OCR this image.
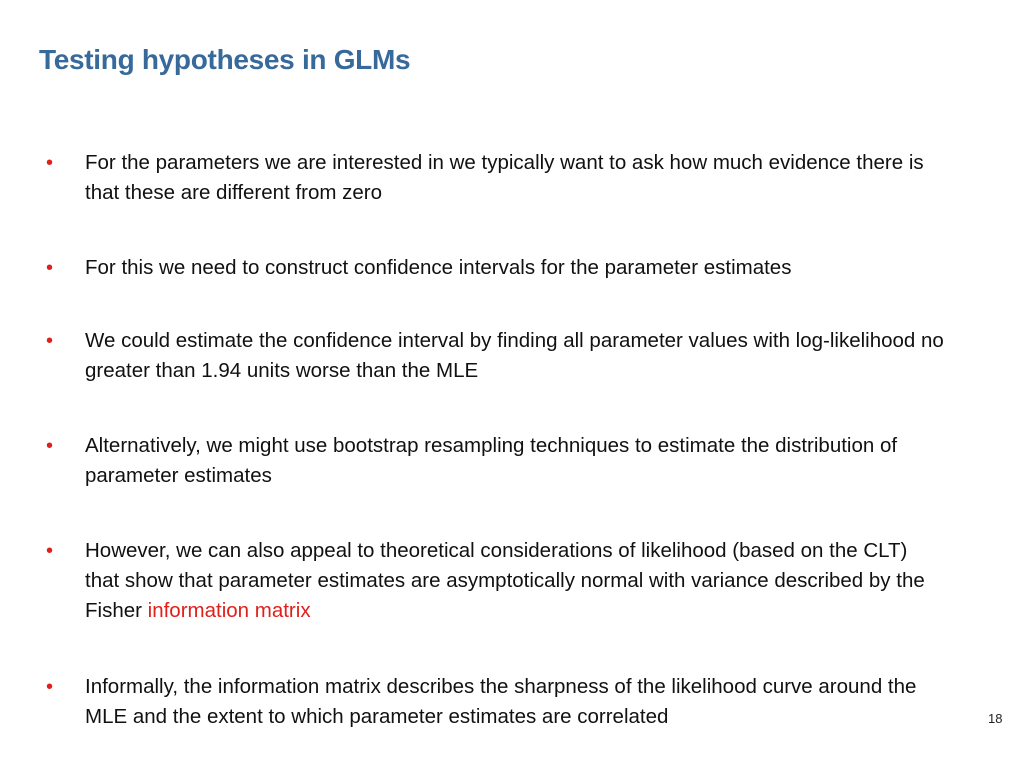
Testing hypotheses in GLMs
•	For the parameters we are interested in we typically want to ask how much evidence there is that these are different from zero
•	For this we need to construct confidence intervals for the parameter estimates
•	We could estimate the confidence interval by finding all parameter values with log-likelihood no greater than 1.94 units worse than the MLE
•	Alternatively, we might use bootstrap resampling techniques to estimate the distribution of parameter estimates
•	However, we can also appeal to theoretical considerations of likelihood (based on the CLT) that show that parameter estimates are asymptotically normal with variance described by the Fisher information matrix
•	Informally, the information matrix describes the sharpness of the likelihood curve around the MLE and the extent to which parameter estimates are correlated	18
